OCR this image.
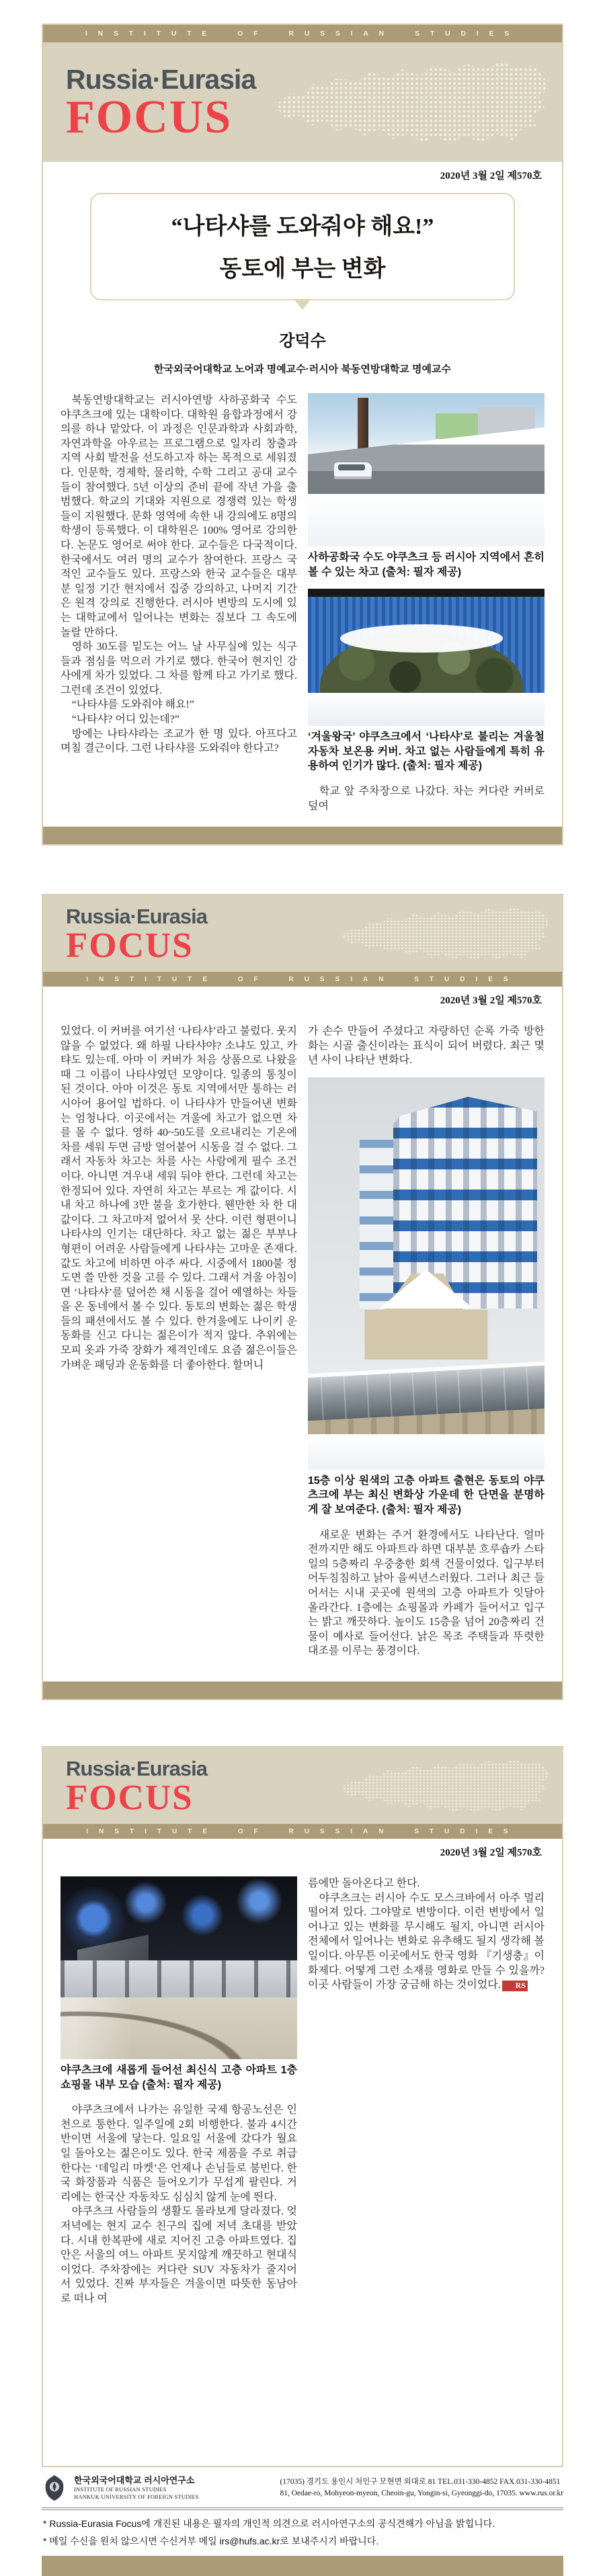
INSTITUTE OF RUSSIAN STUDIES
Russia·Eurasia
FOCUS
2020년 3월 2일 제570호
“나타샤를 도와줘야 해요!”
동토에 부는 변화
강덕수
한국외국어대학교 노어과 명예교수·러시아 북동연방대학교 명예교수

북동연방대학교는 러시아연방 사하공화국 수도 야쿠츠크에 있는 대학이다. 대학원 융합과정에서 강의를 하나 맡았다. 이 과정은 인문과학과 사회과학, 자연과학을 아우르는 프로그램으로 일자리 창출과 지역 사회 발전을 선도하고자 하는 목적으로 세워졌다. 인문학, 경제학, 물리학, 수학 그리고 공대 교수들이 참여했다. 5년 이상의 준비 끝에 작년 가을 출범했다. 학교의 기대와 지원으로 경쟁력 있는 학생들이 지원했다. 문화 영역에 속한 내 강의에도 8명의 학생이 등록했다. 이 대학원은 100% 영어로 강의한다. 논문도 영어로 써야 한다. 교수들은 다국적이다. 한국에서도 여러 명의 교수가 참여한다. 프랑스 국적인 교수들도 있다. 프랑스와 한국 교수들은 대부분 일정 기간 현지에서 집중 강의하고, 나머지 기간은 원격 강의로 진행한다. 러시아 변방의 도시에 있는 대학교에서 일어나는 변화는 질보다 그 속도에 놀랄 만하다.

영하 30도를 밑도는 어느 날 사무실에 있는 식구들과 점심을 먹으러 가기로 했다. 한국어 현지인 강사에게 차가 있었다. 그 차를 함께 타고 가기로 했다. 그런데 조건이 있었다.

“나타샤를 도와줘야 해요!”

“나타샤? 어디 있는데?”

방에는 나타샤라는 조교가 한 명 있다. 아프다고 며칠 결근이다. 그런 나타샤를 도와줘야 한다고?

사하공화국 수도 야쿠츠크 등 러시아 지역에서 흔히 볼 수 있는 차고 (출처: 필자 제공)

‘겨울왕국’ 야쿠츠크에서 ‘나타샤’로 불리는 겨울철 자동차 보온용 커버. 차고 없는 사람들에게 특히 유용하여 인기가 많다. (출처: 필자 제공)

학교 앞 주차장으로 나갔다. 차는 커다란 커버로 덮여

Russia·Eurasia
FOCUS
INSTITUTE OF RUSSIAN STUDIES
2020년 3월 2일 제570호

있었다. 이 커버를 여기선 ‘나타샤’라고 불렀다. 웃지 않을 수 없었다. 왜 하필 나타샤야? 소냐도 있고, 카탸도 있는데. 아마 이 커버가 처음 상품으로 나왔을 때 그 이름이 나타샤였던 모양이다. 일종의 통칭이 된 것이다. 아마 이것은 동토 지역에서만 통하는 러시아어 용어일 법하다. 이 나타샤가 만들어낸 변화는 엄청나다. 이곳에서는 겨울에 차고가 없으면 차를 몰 수 없다. 영하 40~50도를 오르내리는 기온에 차를 세워 두면 금방 얼어붙어 시동을 걸 수 없다. 그래서 자동차 차고는 차를 사는 사람에게 필수 조건이다. 아니면 겨우내 세워 둬야 한다. 그런데 차고는 한정되어 있다. 자연히 차고는 부르는 게 값이다. 시내 차고 하나에 3만 불을 호가한다. 웬만한 차 한 대 값이다. 그 차고마저 없어서 못 산다. 이런 형편이니 나타샤의 인기는 대단하다. 차고 없는 젊은 부부나 형편이 어려운 사람들에게 나타샤는 고마운 존재다. 값도 차고에 비하면 아주 싸다. 시중에서 1800불 정도면 쓸 만한 것을 고를 수 있다. 그래서 겨울 아침이면 ‘나타샤’를 덮어쓴 채 시동을 걸어 예열하는 차들을 온 동네에서 볼 수 있다. 동토의 변화는 젊은 학생들의 패션에서도 볼 수 있다. 한겨울에도 나이키 운동화를 신고 다니는 젊은이가 적지 않다. 추위에는 모피 옷과 가죽 장화가 제격인데도 요즘 젊은이들은 가벼운 패딩과 운동화를 더 좋아한다. 할머니

가 손수 만들어 주셨다고 자랑하던 순록 가죽 방한화는 시골 출신이라는 표식이 되어 버렸다. 최근 몇 년 사이 나타난 변화다.

15층 이상 원색의 고층 아파트 출현은 동토의 야쿠츠크에 부는 최신 변화상 가운데 한 단면을 분명하게 잘 보여준다. (출처: 필자 제공)

새로운 변화는 주거 환경에서도 나타난다. 얼마 전까지만 해도 아파트라 하면 대부분 흐루숍카 스타일의 5층짜리 우중충한 회색 건물이었다. 입구부터 어두침침하고 낡아 을씨년스러웠다. 그러나 최근 들어서는 시내 곳곳에 원색의 고층 아파트가 잇달아 올라간다. 1층에는 쇼핑몰과 카페가 들어서고 입구는 밝고 깨끗하다. 높이도 15층을 넘어 20층짜리 건물이 예사로 들어선다. 낡은 목조 주택들과 뚜렷한 대조를 이루는 풍경이다.

Russia·Eurasia
FOCUS
INSTITUTE OF RUSSIAN STUDIES
2020년 3월 2일 제570호

야쿠츠크에 새롭게 들어선 최신식 고층 아파트 1층 쇼핑몰 내부 모습 (출처: 필자 제공)

야쿠츠크에서 나가는 유일한 국제 항공노선은 인천으로 통한다. 일주일에 2회 비행한다. 불과 4시간 반이면 서울에 닿는다. 일요일 서울에 갔다가 월요일 돌아오는 젊은이도 있다. 한국 제품을 주로 취급한다는 ‘데일리 마켓’은 언제나 손님들로 붐빈다. 한국 화장품과 식품은 들어오기가 무섭게 팔린다. 거리에는 한국산 자동차도 심심치 않게 눈에 띈다.

야쿠츠크 사람들의 생활도 몰라보게 달라졌다. 엊저녁에는 현지 교수 친구의 집에 저녁 초대를 받았다. 시내 한복판에 새로 지어진 고층 아파트였다. 집 안은 서울의 여느 아파트 못지않게 깨끗하고 현대식이었다. 주차장에는 커다란 SUV 자동차가 줄지어 서 있었다. 진짜 부자들은 겨울이면 따뜻한 동남아로 떠나 여

름에만 돌아온다고 한다.

야쿠츠크는 러시아 수도 모스크바에서 아주 멀리 떨어져 있다. 그야말로 변방이다. 이런 변방에서 일어나고 있는 변화를 무시해도 될지, 아니면 러시아 전체에서 일어나는 변화로 유추해도 될지 생각해 볼 일이다. 아무튼 이곳에서도 한국 영화 『기생충』이 화제다. 어떻게 그런 소재를 영화로 만들 수 있을까? 이곳 사람들이 가장 궁금해 하는 것이었다. RS

한국외국어대학교 러시아연구소
INSTITUTE OF RUSSIAN STUDIES
HANKUK UNIVERSITY OF FOREIGN STUDIES
(17035) 경기도 용인시 처인구 모현면 외대로 81 TEL.031-330-4852 FAX.031-330-4851
81, Oedae-ro, Mohyeon-myeon, Cheoin-gu, Yongin-si, Gyeonggi-do, 17035. www.rus.or.kr

* Russia-Eurasia Focus에 개진된 내용은 필자의 개인적 의견으로 러시아연구소의 공식견해가 아님을 밝힙니다.

* 메일 수신을 원치 않으시면 수신거부 메일 irs@hufs.ac.kr로 보내주시기 바랍니다.
